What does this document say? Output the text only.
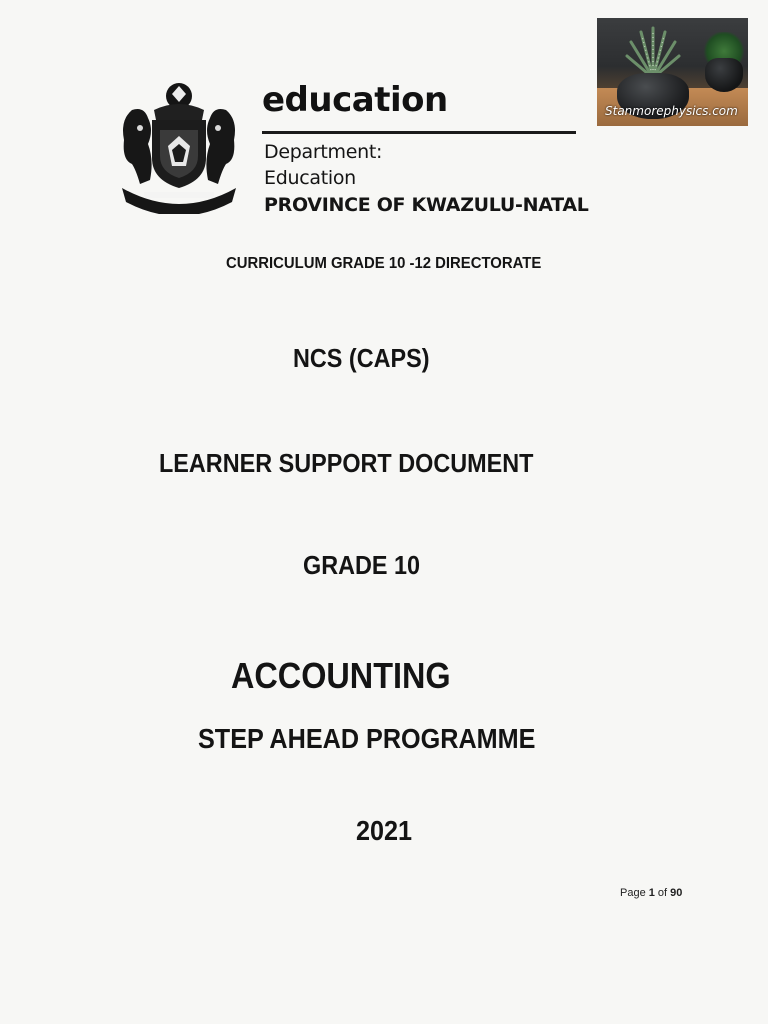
education
Department:
Education
PROVINCE OF KWAZULU-NATAL
Stanmorephysics.com
CURRICULUM GRADE 10 -12 DIRECTORATE
NCS (CAPS)
LEARNER SUPPORT DOCUMENT
GRADE 10
ACCOUNTING
STEP AHEAD PROGRAMME
2021
Page 1 of 90
